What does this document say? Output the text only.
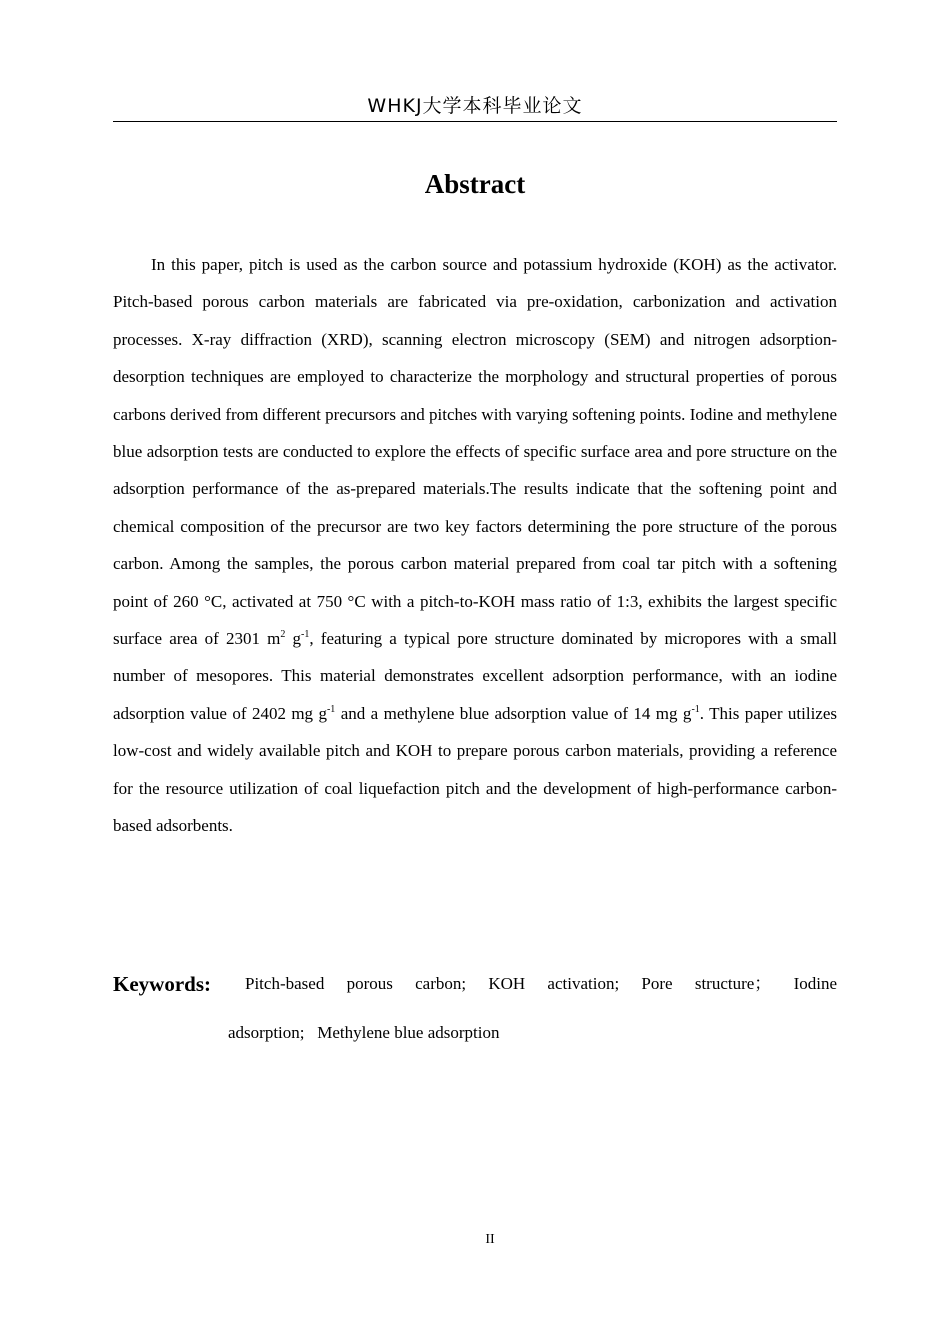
WHKJ大学本科毕业论文
Abstract

In this paper, pitch is used as the carbon source and potassium hydroxide (KOH) as the activator. Pitch-based porous carbon materials are fabricated via pre-oxidation, carbonization and activation processes. X-ray diffraction (XRD), scanning electron microscopy (SEM) and nitrogen adsorption-desorption techniques are employed to characterize the morphology and structural properties of porous carbons derived from different precursors and pitches with varying softening points. Iodine and methylene blue adsorption tests are conducted to explore the effects of specific surface area and pore structure on the adsorption performance of the as-prepared materials.The results indicate that the softening point and chemical composition of the precursor are two key factors determining the pore structure of the porous carbon. Among the samples, the porous carbon material prepared from coal tar pitch with a softening point of 260 °C, activated at 750 °C with a pitch-to-KOH mass ratio of 1:3, exhibits the largest specific surface area of 2301 $m^2$ $g^{-1}$, featuring a typical pore structure dominated by micropores with a small number of mesopores. This material demonstrates excellent adsorption performance, with an iodine adsorption value of 2402 mg $g^{-1}$ and a methylene blue adsorption value of 14 mg $g^{-1}$. This paper utilizes low-cost and widely available pitch and KOH to prepare porous carbon materials, providing a reference for the resource utilization of coal liquefaction pitch and the development of high-performance carbon-based adsorbents.

Keywords: Pitch-based porous carbon; KOH activation; Pore structure； Iodine
adsorption;   Methylene blue adsorption
II
